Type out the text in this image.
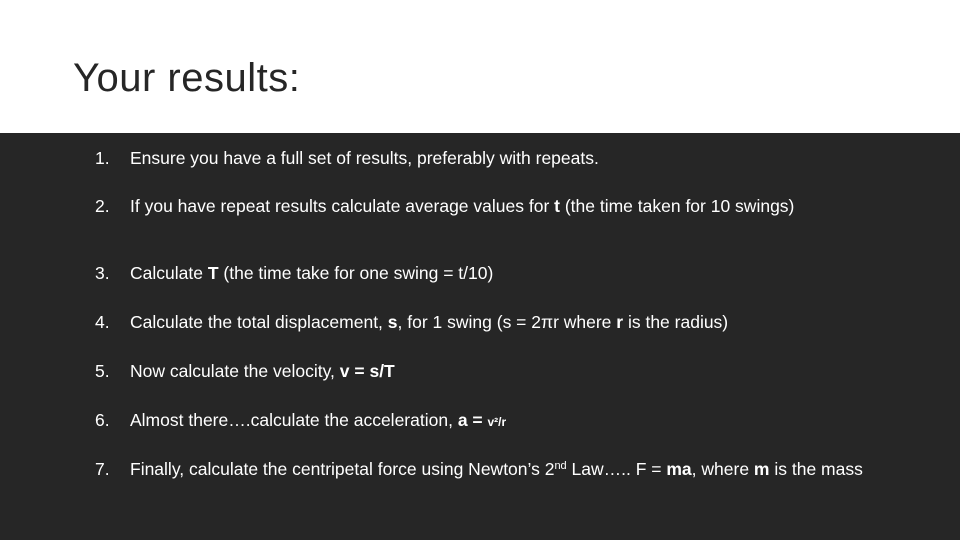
Your results:
1. Ensure you have a full set of results, preferably with repeats.
2. If you have repeat results calculate average values for t (the time taken for 10 swings)
3. Calculate T (the time take for one swing = t/10)
4. Calculate the total displacement, s, for 1 swing (s = 2πr where r is the radius)
5. Now calculate the velocity, v = s/T
6. Almost there….calculate the acceleration, a = v²/r
7. Finally, calculate the centripetal force using Newton’s 2nd Law….. F = ma, where m is the mass
